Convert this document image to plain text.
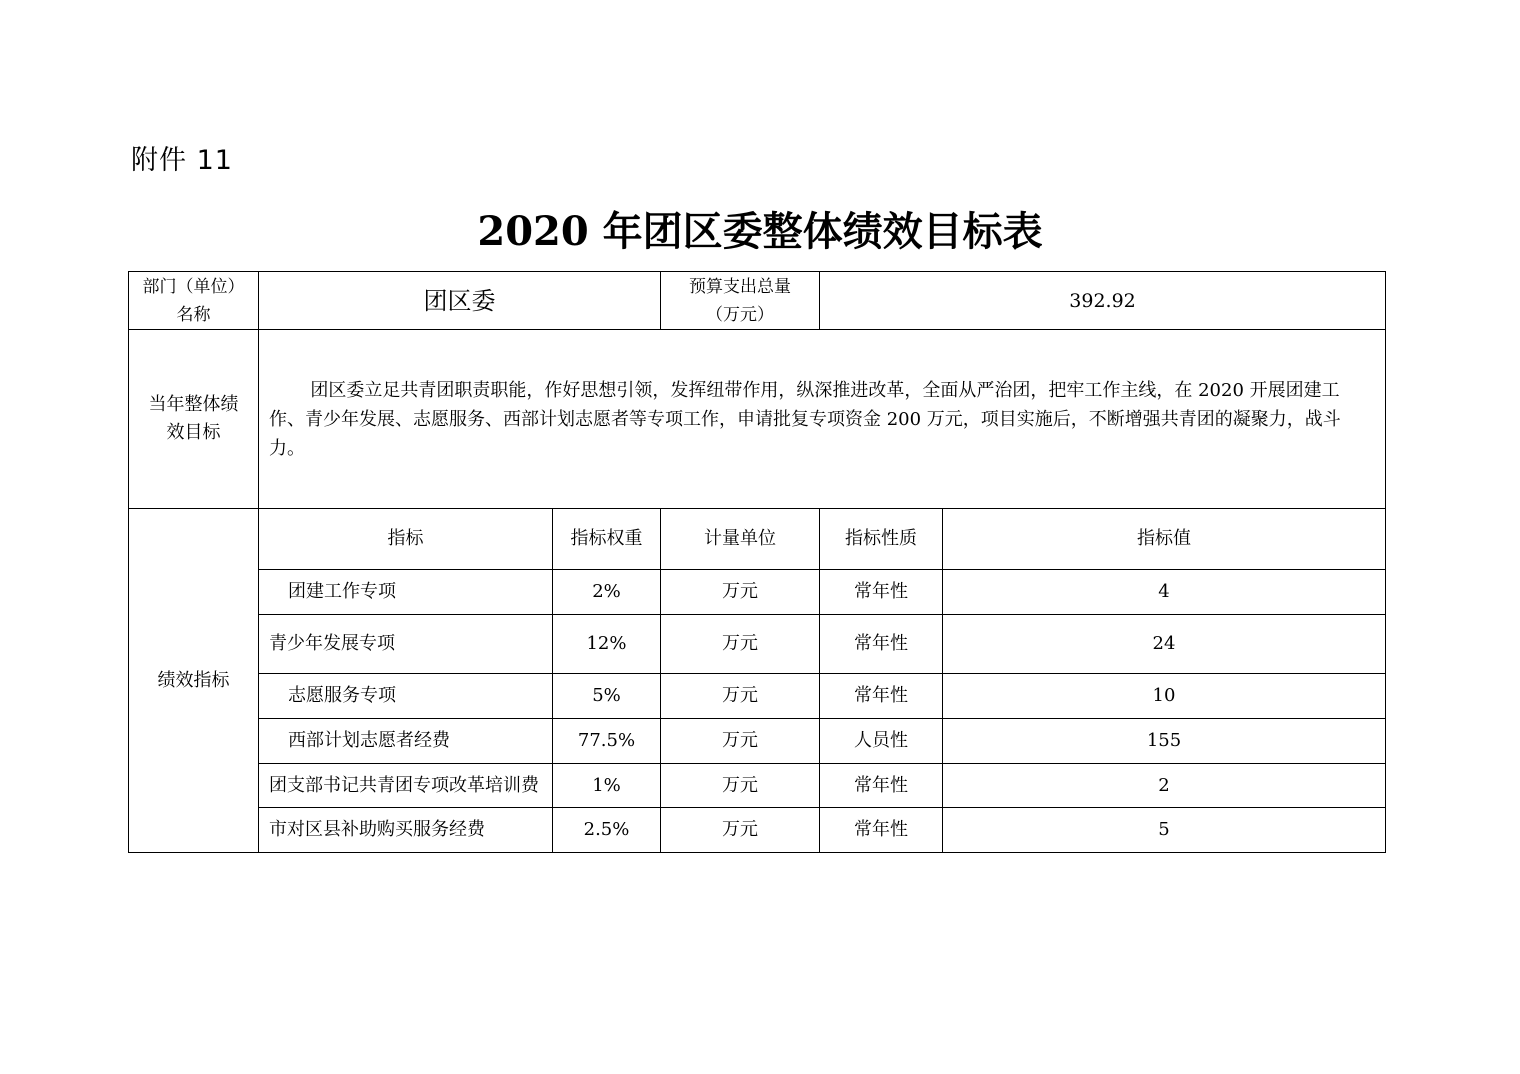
附件 11
2020 年团区委整体绩效目标表
部门（单位）名称	团区委		预算支出总量（万元）	392.92	
当年整体绩效目标	团区委立足共青团职责职能，作好思想引领，发挥纽带作用，纵深推进改革，全面从严治团，把牢工作主线，在 2020 开展团建工作、青少年发展、志愿服务、西部计划志愿者等专项工作，申请批复专项资金 200 万元，项目实施后，不断增强共青团的凝聚力，战斗力。				

绩效指标	指标	指标权重	计量单位	指标性质	指标值
	团建工作专项	2%	万元	常年性	4
	青少年发展专项	12%	万元	常年性	24
	志愿服务专项	5%	万元	常年性	10
	西部计划志愿者经费	77.5%	万元	人员性	155
	团支部书记共青团专项改革培训费	1%	万元	常年性	2
	市对区县补助购买服务经费	2.5%	万元	常年性	5
